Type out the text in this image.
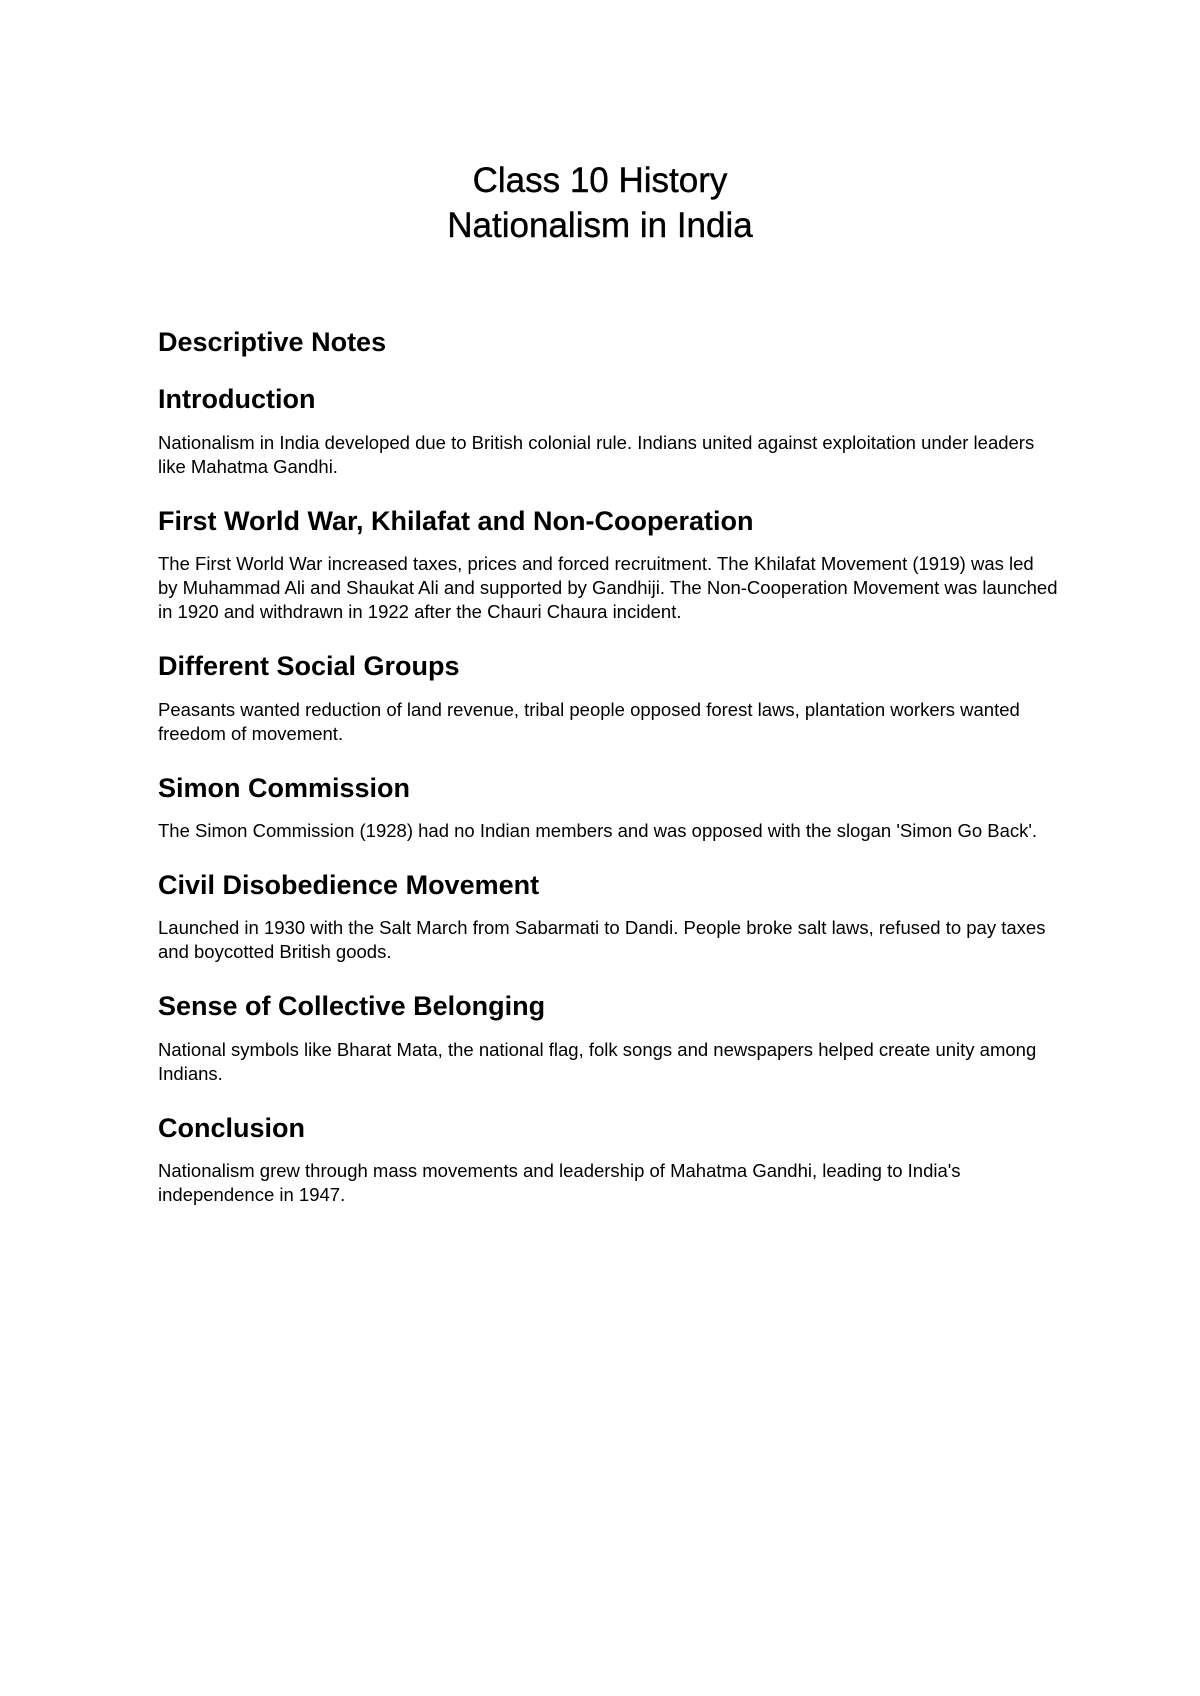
Class 10 History
Nationalism in India
Descriptive Notes
Introduction

Nationalism in India developed due to British colonial rule. Indians united against exploitation under leaders like Mahatma Gandhi.

First World War, Khilafat and Non-Cooperation

The First World War increased taxes, prices and forced recruitment. The Khilafat Movement (1919) was led by Muhammad Ali and Shaukat Ali and supported by Gandhiji. The Non-Cooperation Movement was launched in 1920 and withdrawn in 1922 after the Chauri Chaura incident.

Different Social Groups

Peasants wanted reduction of land revenue, tribal people opposed forest laws, plantation workers wanted freedom of movement.

Simon Commission

The Simon Commission (1928) had no Indian members and was opposed with the slogan 'Simon Go Back'.

Civil Disobedience Movement

Launched in 1930 with the Salt March from Sabarmati to Dandi. People broke salt laws, refused to pay taxes and boycotted British goods.

Sense of Collective Belonging

National symbols like Bharat Mata, the national flag, folk songs and newspapers helped create unity among Indians.

Conclusion

Nationalism grew through mass movements and leadership of Mahatma Gandhi, leading to India's independence in 1947.
